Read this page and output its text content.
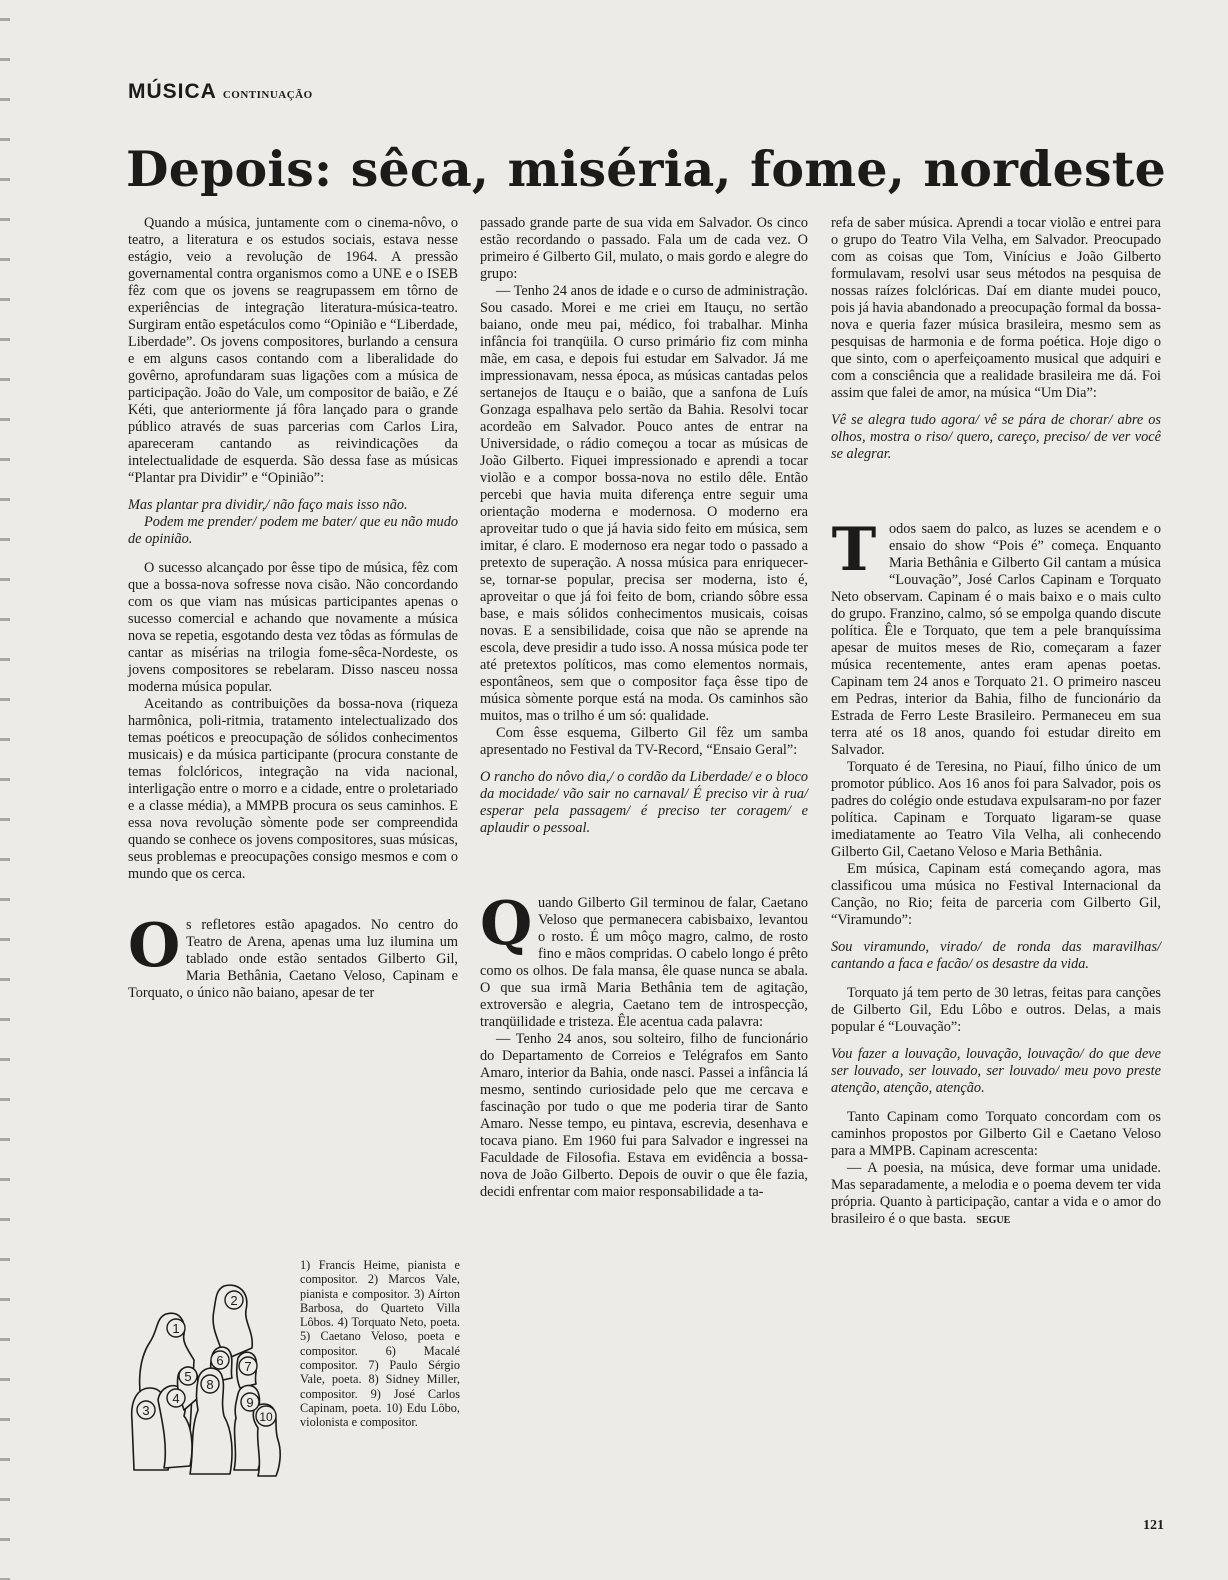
MÚSICA CONTINUAÇÃO
Depois: sêca, miséria, fome, nordeste

Quando a música, juntamente com o cinema-nôvo, o teatro, a literatura e os estudos sociais, estava nesse estágio, veio a revolução de 1964. A pressão governamental contra organismos como a UNE e o ISEB fêz com que os jovens se reagrupassem em tôrno de experiências de integração literatura-música-teatro. Surgiram então espetáculos como “Opinião e “Liberdade, Liberdade”. Os jovens compositores, burlando a censura e em alguns casos contando com a liberalidade do govêrno, aprofundaram suas ligações com a música de participação. João do Vale, um compositor de baião, e Zé Kéti, que anteriormente já fôra lançado para o grande público através de suas parcerias com Carlos Lira, apareceram cantando as reivindicações da intelectualidade de esquerda. São dessa fase as músicas “Plantar pra Dividir” e “Opinião”:

Mas plantar pra dividir,/ não faço mais isso não.
Podem me prender/ podem me bater/ que eu não mudo de opinião.

O sucesso alcançado por êsse tipo de música, fêz com que a bossa-nova sofresse nova cisão. Não concordando com os que viam nas músicas participantes apenas o sucesso comercial e achando que novamente a música nova se repetia, esgotando desta vez tôdas as fórmulas de cantar as misérias na trilogia fome-sêca-Nordeste, os jovens compositores se rebelaram. Disso nasceu nossa moderna música popular.

Aceitando as contribuições da bossa-nova (riqueza harmônica, poli-ritmia, tratamento intelectualizado dos temas poéticos e preocupação de sólidos conhecimentos musicais) e da música participante (procura constante de temas folclóricos, integração na vida nacional, interligação entre o morro e a cidade, entre o proletariado e a classe média), a MMPB procura os seus caminhos. E essa nova revolução sòmente pode ser compreendida quando se conhece os jovens compositores, suas músicas, seus problemas e preocupações consigo mesmos e com o mundo que os cerca.

Os refletores estão apagados. No centro do Teatro de Arena, apenas uma luz ilumina um tablado onde estão sentados Gilberto Gil, Maria Bethânia, Caetano Veloso, Capinam e Torquato, o único não baiano, apesar de ter

1
2
3
4
5
6 7
8
9
10
1) Francis Heime, pianista e compositor. 2) Marcos Vale, pianista e compositor. 3) Aírton Barbosa, do Quarteto Villa Lôbos. 4) Torquato Neto, poeta. 5) Caetano Veloso, poeta e compositor. 6) Macalé compositor. 7) Paulo Sérgio Vale, poeta. 8) Sidney Miller, compositor. 9) José Carlos Capinam, poeta. 10) Edu Lôbo, violonista e compositor.

passado grande parte de sua vida em Salvador. Os cinco estão recordando o passado. Fala um de cada vez. O primeiro é Gilberto Gil, mulato, o mais gordo e alegre do grupo:

— Tenho 24 anos de idade e o curso de administração. Sou casado. Morei e me criei em Itauçu, no sertão baiano, onde meu pai, médico, foi trabalhar. Minha infância foi tranqüila. O curso primário fiz com minha mãe, em casa, e depois fui estudar em Salvador. Já me impressionavam, nessa época, as músicas cantadas pelos sertanejos de Itauçu e o baião, que a sanfona de Luís Gonzaga espalhava pelo sertão da Bahia. Resolvi tocar acordeão em Salvador. Pouco antes de entrar na Universidade, o rádio começou a tocar as músicas de João Gilberto. Fiquei impressionado e aprendi a tocar violão e a compor bossa-nova no estilo dêle. Então percebi que havia muita diferença entre seguir uma orientação moderna e modernosa. O moderno era aproveitar tudo o que já havia sido feito em música, sem imitar, é claro. E modernoso era negar todo o passado a pretexto de superação. A nossa música para enriquecer-se, tornar-se popular, precisa ser moderna, isto é, aproveitar o que já foi feito de bom, criando sôbre essa base, e mais sólidos conhecimentos musicais, coisas novas. E a sensibilidade, coisa que não se aprende na escola, deve presidir a tudo isso. A nossa música pode ter até pretextos políticos, mas como elementos normais, espontâneos, sem que o compositor faça êsse tipo de música sòmente porque está na moda. Os caminhos são muitos, mas o trilho é um só: qualidade.

Com êsse esquema, Gilberto Gil fêz um samba apresentado no Festival da TV-Record, “Ensaio Geral”:

O rancho do nôvo dia,/ o cordão da Liberdade/ e o bloco da mocidade/ vão sair no carnaval/ É preciso vir à rua/ esperar pela passagem/ é preciso ter coragem/ e aplaudir o pessoal.

Quando Gilberto Gil terminou de falar, Caetano Veloso que permanecera cabisbaixo, levantou o rosto. É um môço magro, calmo, de rosto fino e mãos compridas. O cabelo longo é prêto como os olhos. De fala mansa, êle quase nunca se abala. O que sua irmã Maria Bethânia tem de agitação, extroversão e alegria, Caetano tem de introspecção, tranqüilidade e tristeza. Êle acentua cada palavra:

— Tenho 24 anos, sou solteiro, filho de funcionário do Departamento de Correios e Telégrafos em Santo Amaro, interior da Bahia, onde nasci. Passei a infância lá mesmo, sentindo curiosidade pelo que me cercava e fascinação por tudo o que me poderia tirar de Santo Amaro. Nesse tempo, eu pintava, escrevia, desenhava e tocava piano. Em 1960 fui para Salvador e ingressei na Faculdade de Filosofia. Estava em evidência a bossa-nova de João Gilberto. Depois de ouvir o que êle fazia, decidi enfrentar com maior responsabilidade a ta-

refa de saber música. Aprendi a tocar violão e entrei para o grupo do Teatro Vila Velha, em Salvador. Preocupado com as coisas que Tom, Vinícius e João Gilberto formulavam, resolvi usar seus métodos na pesquisa de nossas raízes folclóricas. Daí em diante mudei pouco, pois já havia abandonado a preocupação formal da bossa-nova e queria fazer música brasileira, mesmo sem as pesquisas de harmonia e de forma poética. Hoje digo o que sinto, com o aperfeiçoamento musical que adquiri e com a consciência que a realidade brasileira me dá. Foi assim que falei de amor, na música “Um Dia”:

Vê se alegra tudo agora/ vê se pára de chorar/ abre os olhos, mostra o riso/ quero, careço, preciso/ de ver você se alegrar.

Todos saem do palco, as luzes se acendem e o ensaio do show “Pois é” começa. Enquanto Maria Bethânia e Gilberto Gil cantam a música “Louvação”, José Carlos Capinam e Torquato Neto observam. Capinam é o mais baixo e o mais culto do grupo. Franzino, calmo, só se empolga quando discute política. Êle e Torquato, que tem a pele branquíssima apesar de muitos meses de Rio, começaram a fazer música recentemente, antes eram apenas poetas. Capinam tem 24 anos e Torquato 21. O primeiro nasceu em Pedras, interior da Bahia, filho de funcionário da Estrada de Ferro Leste Brasileiro. Permaneceu em sua terra até os 18 anos, quando foi estudar direito em Salvador.

Torquato é de Teresina, no Piauí, filho único de um promotor público. Aos 16 anos foi para Salvador, pois os padres do colégio onde estudava expulsaram-no por fazer política. Capinam e Torquato ligaram-se quase imediatamente ao Teatro Vila Velha, ali conhecendo Gilberto Gil, Caetano Veloso e Maria Bethânia.

Em música, Capinam está começando agora, mas classificou uma música no Festival Internacional da Canção, no Rio; feita de parceria com Gilberto Gil, “Viramundo”:

Sou viramundo, virado/ de ronda das maravilhas/ cantando a faca e facão/ os desastre da vida.

Torquato já tem perto de 30 letras, feitas para canções de Gilberto Gil, Edu Lôbo e outros. Delas, a mais popular é “Louvação”:

Vou fazer a louvação, louvação, louvação/ do que deve ser louvado, ser louvado, ser louvado/ meu povo preste atenção, atenção, atenção.

Tanto Capinam como Torquato concordam com os caminhos propostos por Gilberto Gil e Caetano Veloso para a MMPB. Capinam acrescenta:

— A poesia, na música, deve formar uma unidade. Mas separadamente, a melodia e o poema devem ter vida própria. Quanto à participação, cantar a vida e o amor do brasileiro é o que basta. SEGUE

121
